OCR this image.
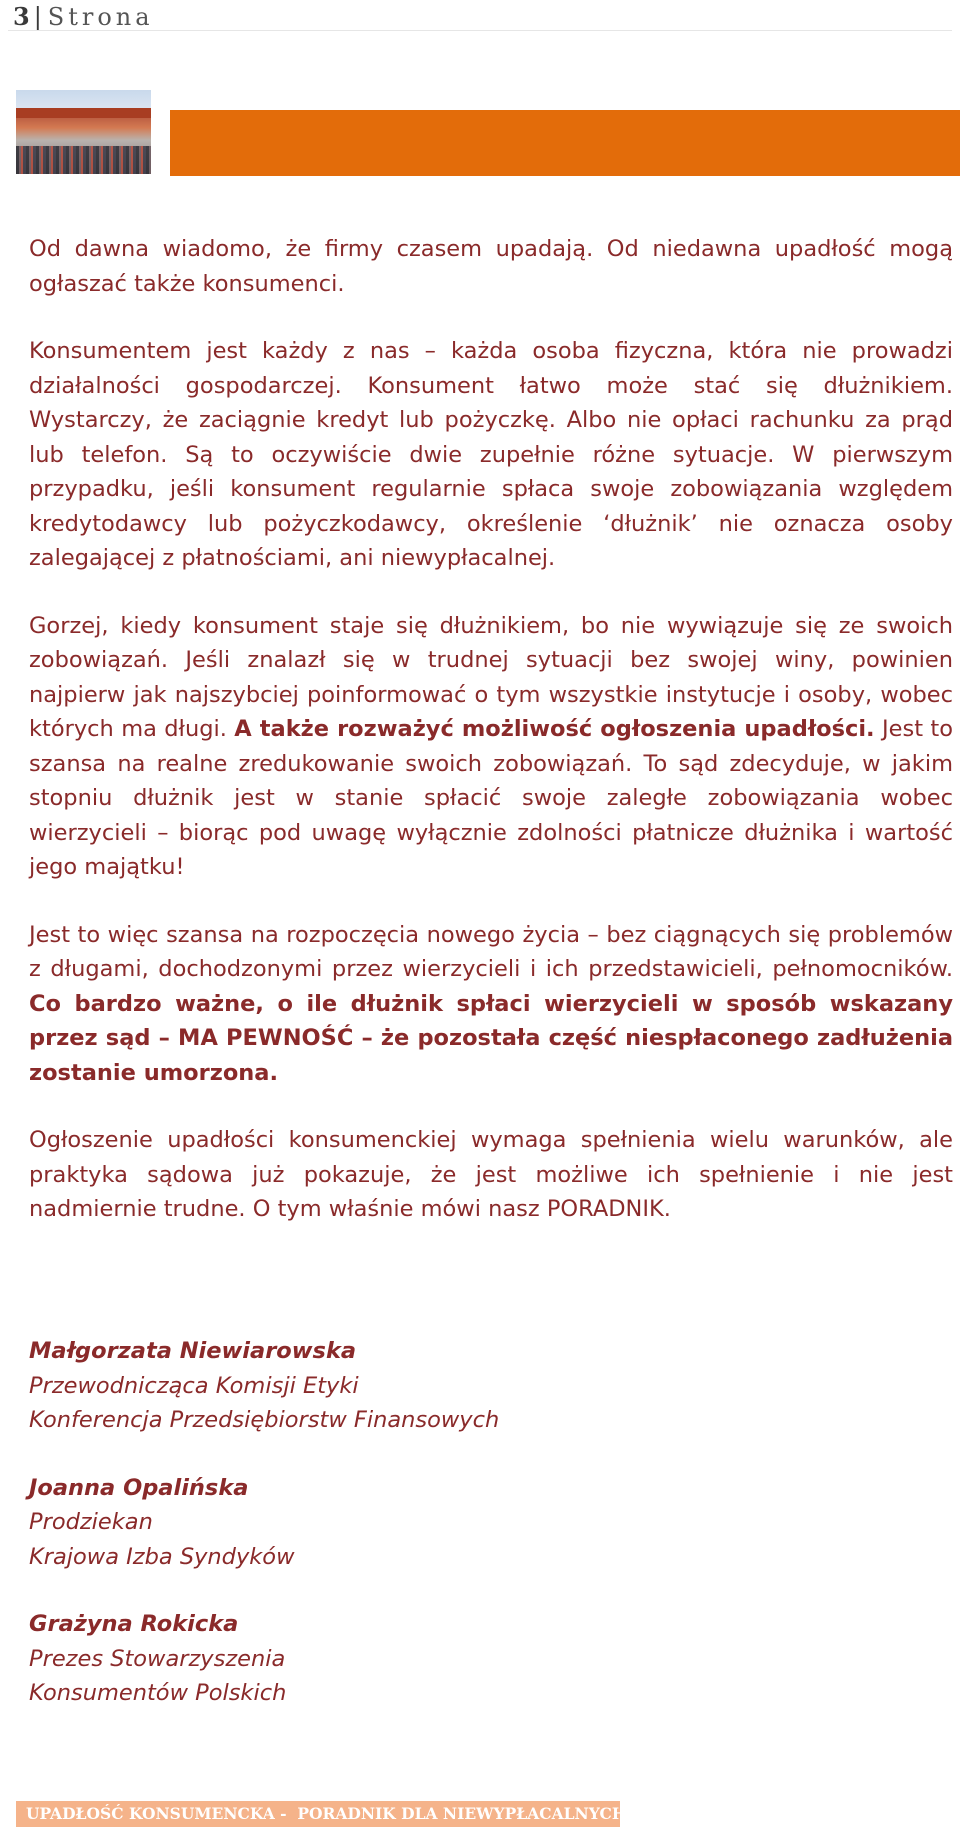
3 | Strona

Od dawna wiadomo, że firmy czasem upadają. Od niedawna upadłość mogą ogłaszać także konsumenci.

Konsumentem jest każdy z nas – każda osoba fizyczna, która nie prowadzi działalności gospodarczej. Konsument łatwo może stać się dłużnikiem. Wystarczy, że zaciągnie kredyt lub pożyczkę. Albo nie opłaci rachunku za prąd lub telefon. Są to oczywiście dwie zupełnie różne sytuacje. W pierwszym przypadku, jeśli konsument regularnie spłaca swoje zobowiązania względem kredytodawcy lub pożyczkodawcy, określenie ‘dłużnik’ nie oznacza osoby zalegającej z płatnościami, ani niewypłacalnej.

Gorzej, kiedy konsument staje się dłużnikiem, bo nie wywiązuje się ze swoich zobowiązań. Jeśli znalazł się w trudnej sytuacji bez swojej winy, powinien najpierw jak najszybciej poinformować o tym wszystkie instytucje i osoby, wobec których ma długi. A także rozważyć możliwość ogłoszenia upadłości. Jest to szansa na realne zredukowanie swoich zobowiązań. To sąd zdecyduje, w jakim stopniu dłużnik jest w stanie spłacić swoje zaległe zobowiązania wobec wierzycieli – biorąc pod uwagę wyłącznie zdolności płatnicze dłużnika i wartość jego majątku!

Jest to więc szansa na rozpoczęcia nowego życia – bez ciągnących się problemów z długami, dochodzonymi przez wierzycieli i ich przedstawicieli, pełnomocników. Co bardzo ważne, o ile dłużnik spłaci wierzycieli w sposób wskazany przez sąd – MA PEWNOŚĆ – że pozostała część niespłaconego zadłużenia zostanie umorzona.

Ogłoszenie upadłości konsumenckiej wymaga spełnienia wielu warunków, ale praktyka sądowa już pokazuje, że jest możliwe ich spełnienie i nie jest nadmiernie trudne. O tym właśnie mówi nasz PORADNIK.

Małgorzata Niewiarowska
Przewodnicząca Komisji Etyki
Konferencja Przedsiębiorstw Finansowych
Joanna Opalińska
Prodziekan
Krajowa Izba Syndyków
Grażyna Rokicka
Prezes Stowarzyszenia
Konsumentów Polskich
UPADŁOŚĆ KONSUMENCKA -  PORADNIK DLA NIEWYPŁACALNYCH
